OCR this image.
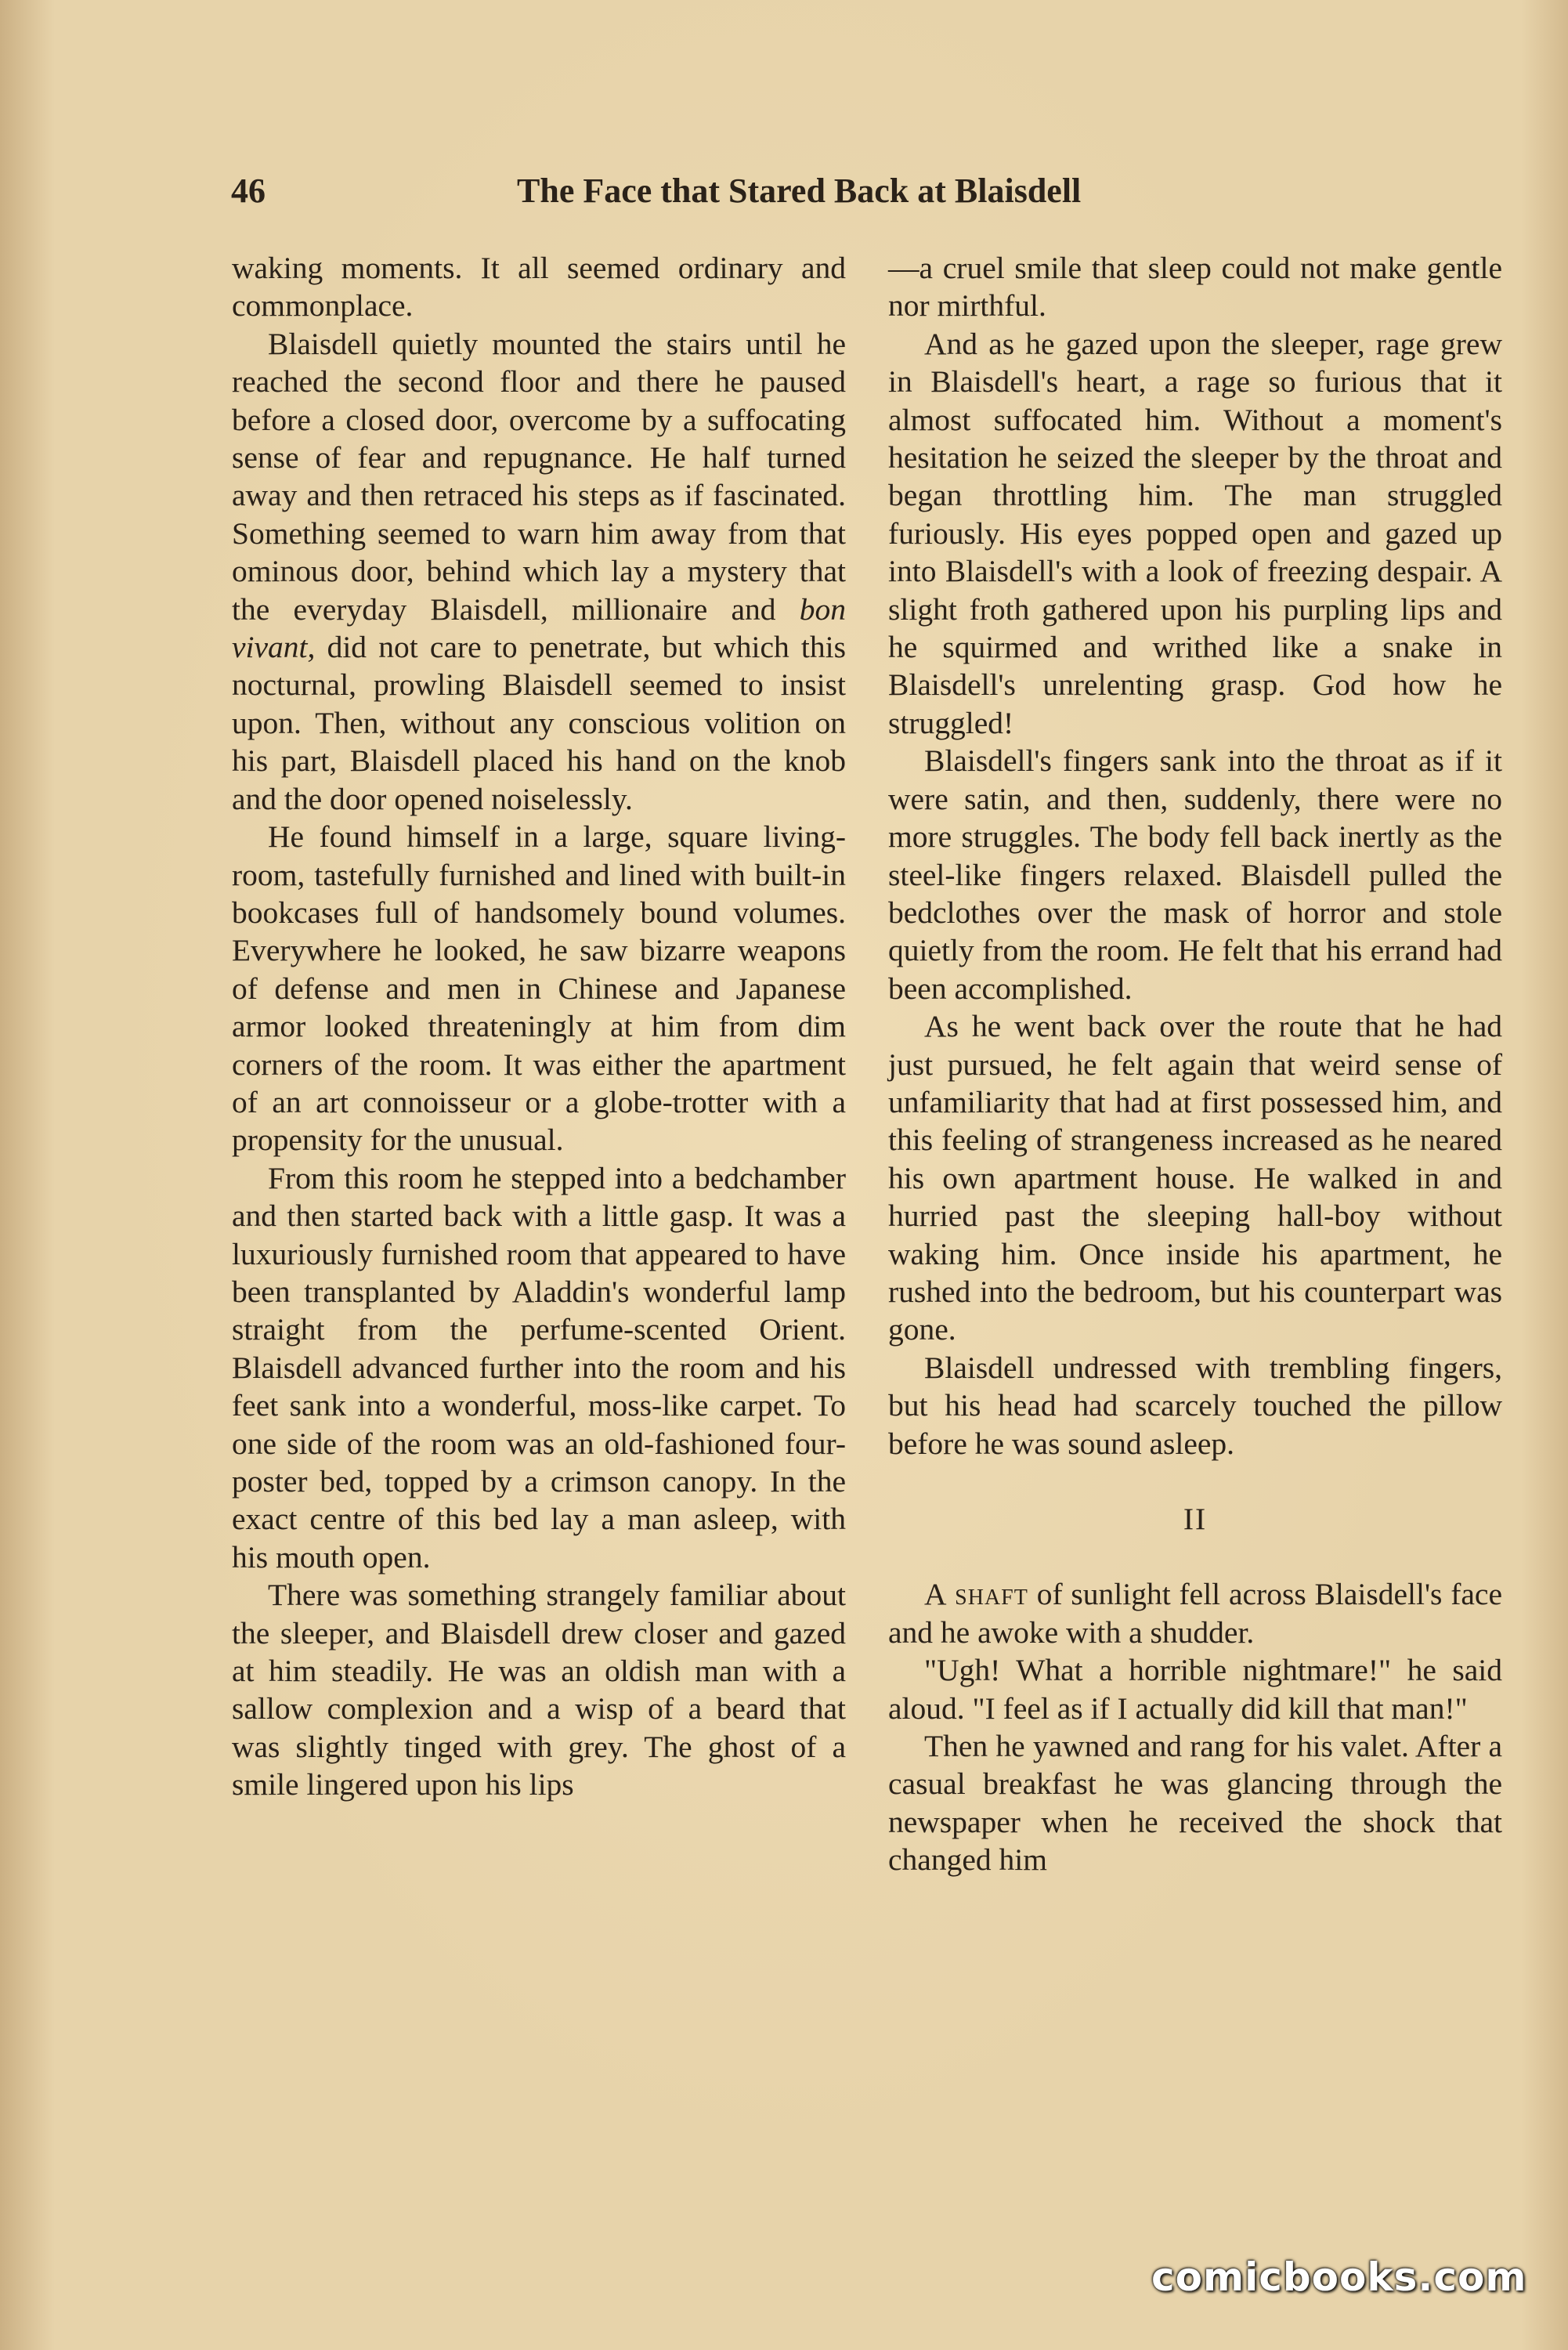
46	The Face that Stared Back at Blaisdell

waking moments. It all seemed ordinary and commonplace.

Blaisdell quietly mounted the stairs until he reached the second floor and there he paused before a closed door, overcome by a suffocating sense of fear and repugnance. He half turned away and then retraced his steps as if fascinated. Something seemed to warn him away from that ominous door, behind which lay a mystery that the everyday Blaisdell, millionaire and bon vivant, did not care to penetrate, but which this nocturnal, prowling Blaisdell seemed to insist upon. Then, without any conscious volition on his part, Blaisdell placed his hand on the knob and the door opened noiselessly.

He found himself in a large, square living-room, tastefully furnished and lined with built-in bookcases full of handsomely bound volumes. Everywhere he looked, he saw bizarre weapons of defense and men in Chinese and Japanese armor looked threateningly at him from dim corners of the room. It was either the apartment of an art connoisseur or a globe-trotter with a propensity for the unusual.

From this room he stepped into a bedchamber and then started back with a little gasp. It was a luxuriously furnished room that appeared to have been transplanted by Aladdin's wonderful lamp straight from the perfume-scented Orient. Blaisdell advanced further into the room and his feet sank into a wonderful, moss-like carpet. To one side of the room was an old-fashioned four-poster bed, topped by a crimson canopy. In the exact centre of this bed lay a man asleep, with his mouth open.

There was something strangely familiar about the sleeper, and Blaisdell drew closer and gazed at him steadily. He was an oldish man with a sallow complexion and a wisp of a beard that was slightly tinged with grey. The ghost of a smile lingered upon his lips

—a cruel smile that sleep could not make gentle nor mirthful.

And as he gazed upon the sleeper, rage grew in Blaisdell's heart, a rage so furious that it almost suffocated him. Without a moment's hesitation he seized the sleeper by the throat and began throttling him. The man struggled furiously. His eyes popped open and gazed up into Blaisdell's with a look of freezing despair. A slight froth gathered upon his purpling lips and he squirmed and writhed like a snake in Blaisdell's unrelenting grasp. God how he struggled!

Blaisdell's fingers sank into the throat as if it were satin, and then, suddenly, there were no more struggles. The body fell back inertly as the steel-like fingers relaxed. Blaisdell pulled the bedclothes over the mask of horror and stole quietly from the room. He felt that his errand had been accomplished.

As he went back over the route that he had just pursued, he felt again that weird sense of unfamiliarity that had at first possessed him, and this feeling of strangeness increased as he neared his own apartment house. He walked in and hurried past the sleeping hall-boy without waking him. Once inside his apartment, he rushed into the bedroom, but his counterpart was gone.

Blaisdell undressed with trembling fingers, but his head had scarcely touched the pillow before he was sound asleep.

II

A shaft of sunlight fell across Blaisdell's face and he awoke with a shudder.

"Ugh! What a horrible nightmare!" he said aloud. "I feel as if I actually did kill that man!"

Then he yawned and rang for his valet. After a casual breakfast he was glancing through the newspaper when he received the shock that changed him

comicbooks.com
